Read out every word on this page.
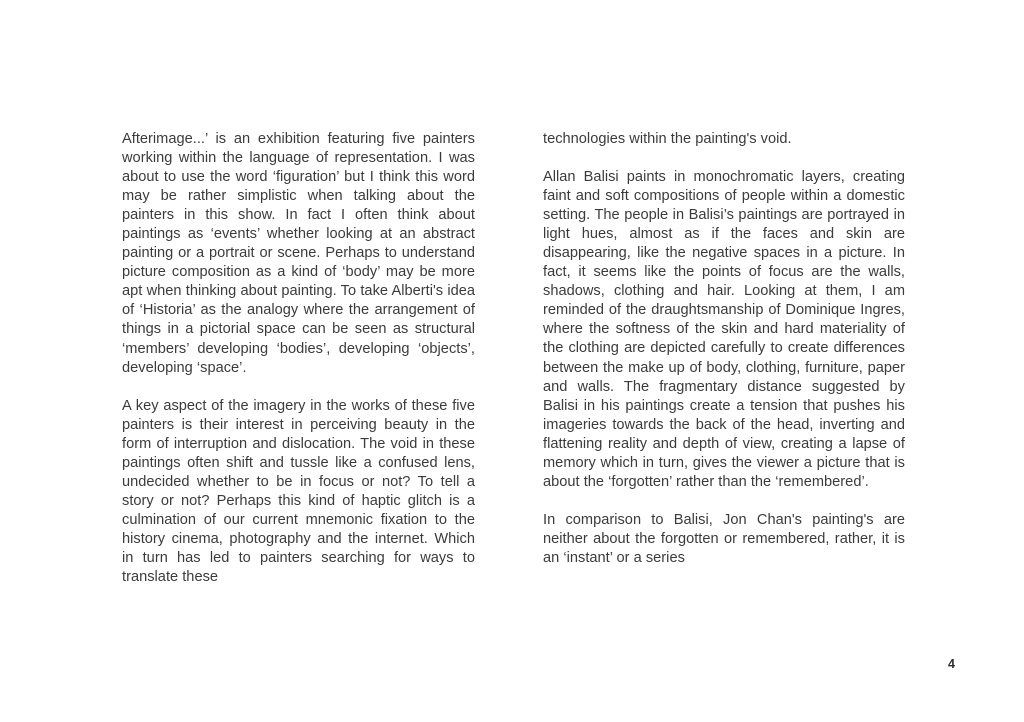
Afterimage...’ is an exhibition featuring five painters working within the language of representation. I was about to use the word ‘figuration’ but I think this word may be rather simplistic when talking about the painters in this show. In fact I often think about paintings as ‘events’ whether looking at an abstract painting or a portrait or scene. Perhaps to understand picture composition as a kind of ‘body’ may be more apt when thinking about painting. To take Alberti's idea of ‘Historia’ as the analogy where the arrangement of things in a pictorial space can be seen as structural ‘members’ developing ‘bodies’, developing ‘objects’, developing ‘space’.

A key aspect of the imagery in the works of these five painters is their interest in perceiving beauty in the form of interruption and dislocation. The void in these paintings often shift and tussle like a confused lens, undecided whether to be in focus or not? To tell a story or not? Perhaps this kind of haptic glitch is a culmination of our current mnemonic fixation to the history cinema, photography and the internet. Which in turn has led to painters searching for ways to translate these

technologies within the painting's void.

Allan Balisi paints in monochromatic layers, creating faint and soft compositions of people within a domestic setting. The people in Balisi’s paintings are portrayed in light hues, almost as if the faces and skin are disappearing, like the negative spaces in a picture. In fact, it seems like the points of focus are the walls, shadows, clothing and hair. Looking at them, I am reminded of the draughtsmanship of Dominique Ingres, where the softness of the skin and hard materiality of the clothing are depicted carefully to create differences between the make up of body, clothing, furniture, paper and walls. The fragmentary distance suggested by Balisi in his paintings create a tension that pushes his imageries towards the back of the head, inverting and flattening reality and depth of view, creating a lapse of memory which in turn, gives the viewer a picture that is about the ‘forgotten’ rather than the ‘remembered’.

In comparison to Balisi, Jon Chan's painting's are neither about the forgotten or remembered, rather, it is an ‘instant’ or a series

4
